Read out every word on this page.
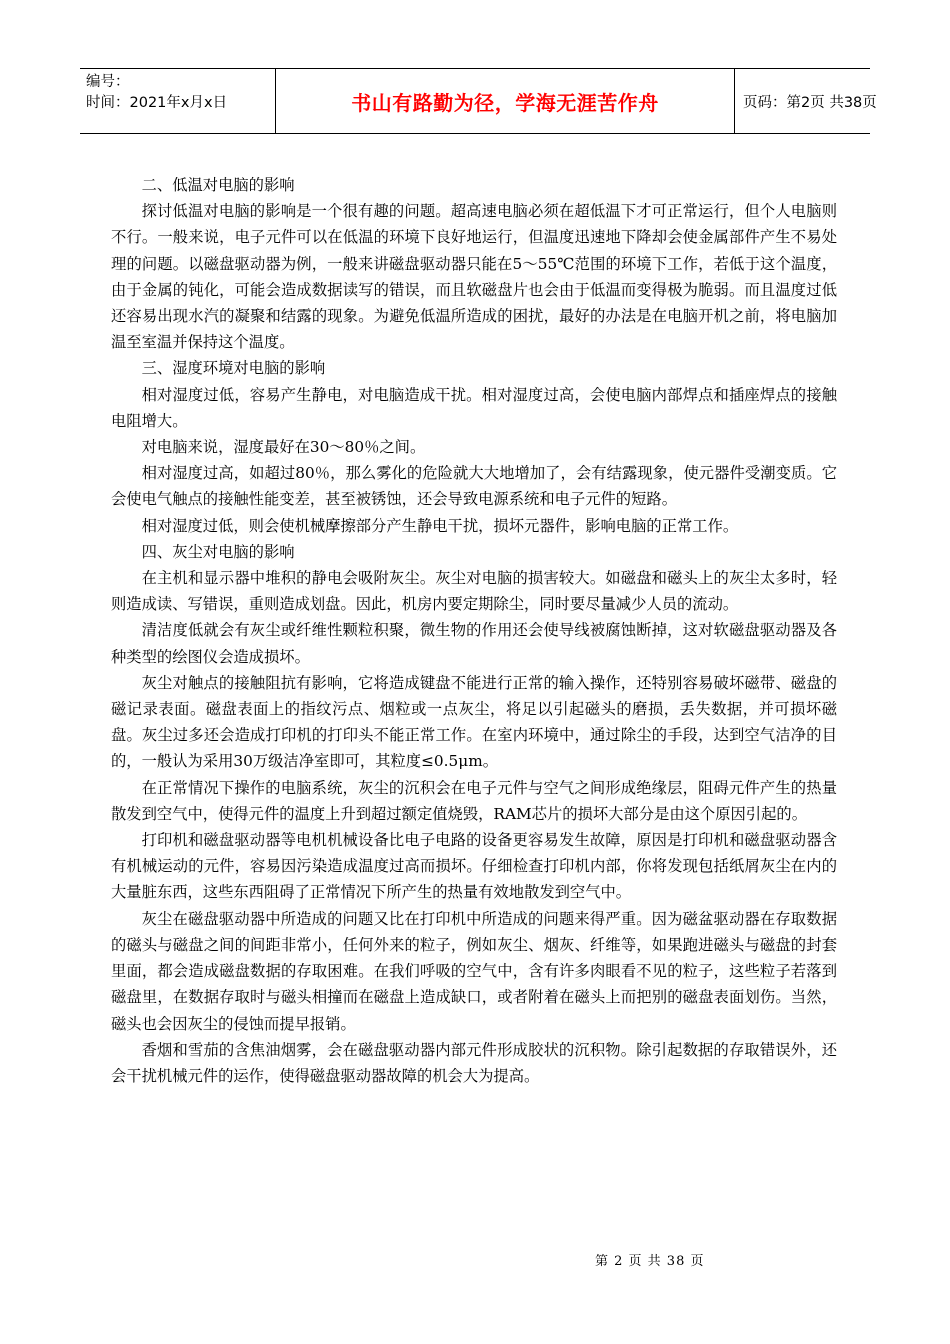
编号：
时间：2021年x月x日	书山有路勤为径，学海无涯苦作舟	页码：第2页 共38页

二、低温对电脑的影响

探讨低温对电脑的影响是一个很有趣的问题。超高速电脑必须在超低温下才可正常运行，但个人电脑则不行。一般来说，电子元件可以在低温的环境下良好地运行，但温度迅速地下降却会使金属部件产生不易处理的问题。以磁盘驱动器为例，一般来讲磁盘驱动器只能在5～55℃范围的环境下工作，若低于这个温度，由于金属的钝化，可能会造成数据读写的错误，而且软磁盘片也会由于低温而变得极为脆弱。而且温度过低还容易出现水汽的凝聚和结露的现象。为避免低温所造成的困扰，最好的办法是在电脑开机之前，将电脑加温至室温并保持这个温度。

三、湿度环境对电脑的影响

相对湿度过低，容易产生静电，对电脑造成干扰。相对湿度过高，会使电脑内部焊点和插座焊点的接触电阻增大。

对电脑来说，湿度最好在30～80％之间。

相对湿度过高，如超过80％，那么雾化的危险就大大地增加了，会有结露现象，使元器件受潮变质。它会使电气触点的接触性能变差，甚至被锈蚀，还会导致电源系统和电子元件的短路。

相对湿度过低，则会使机械摩擦部分产生静电干扰，损坏元器件，影响电脑的正常工作。

四、灰尘对电脑的影响

在主机和显示器中堆积的静电会吸附灰尘。灰尘对电脑的损害较大。如磁盘和磁头上的灰尘太多时，轻则造成读、写错误，重则造成划盘。因此，机房内要定期除尘，同时要尽量减少人员的流动。

清洁度低就会有灰尘或纤维性颗粒积聚，微生物的作用还会使导线被腐蚀断掉，这对软磁盘驱动器及各种类型的绘图仪会造成损坏。

灰尘对触点的接触阻抗有影响，它将造成键盘不能进行正常的输入操作，还特别容易破坏磁带、磁盘的磁记录表面。磁盘表面上的指纹污点、烟粒或一点灰尘，将足以引起磁头的磨损，丢失数据，并可损坏磁盘。灰尘过多还会造成打印机的打印头不能正常工作。在室内环境中，通过除尘的手段，达到空气洁净的目的，一般认为采用30万级洁净室即可，其粒度≤0.5μm。

在正常情况下操作的电脑系统，灰尘的沉积会在电子元件与空气之间形成绝缘层，阻碍元件产生的热量散发到空气中，使得元件的温度上升到超过额定值烧毁，RAM芯片的损坏大部分是由这个原因引起的。

打印机和磁盘驱动器等电机机械设备比电子电路的设备更容易发生故障，原因是打印机和磁盘驱动器含有机械运动的元件，容易因污染造成温度过高而损坏。仔细检查打印机内部，你将发现包括纸屑灰尘在内的大量脏东西，这些东西阻碍了正常情况下所产生的热量有效地散发到空气中。

灰尘在磁盘驱动器中所造成的问题又比在打印机中所造成的问题来得严重。因为磁盆驱动器在存取数据的磁头与磁盘之间的间距非常小，任何外来的粒子，例如灰尘、烟灰、纤维等，如果跑进磁头与磁盘的封套里面，都会造成磁盘数据的存取困难。在我们呼吸的空气中，含有许多肉眼看不见的粒子，这些粒子若落到磁盘里，在数据存取时与磁头相撞而在磁盘上造成缺口，或者附着在磁头上而把别的磁盘表面划伤。当然，磁头也会因灰尘的侵蚀而提早报销。

香烟和雪茄的含焦油烟雾，会在磁盘驱动器内部元件形成胶状的沉积物。除引起数据的存取错误外，还会干扰机械元件的运作，使得磁盘驱动器故障的机会大为提高。

第 2 页 共 38 页
